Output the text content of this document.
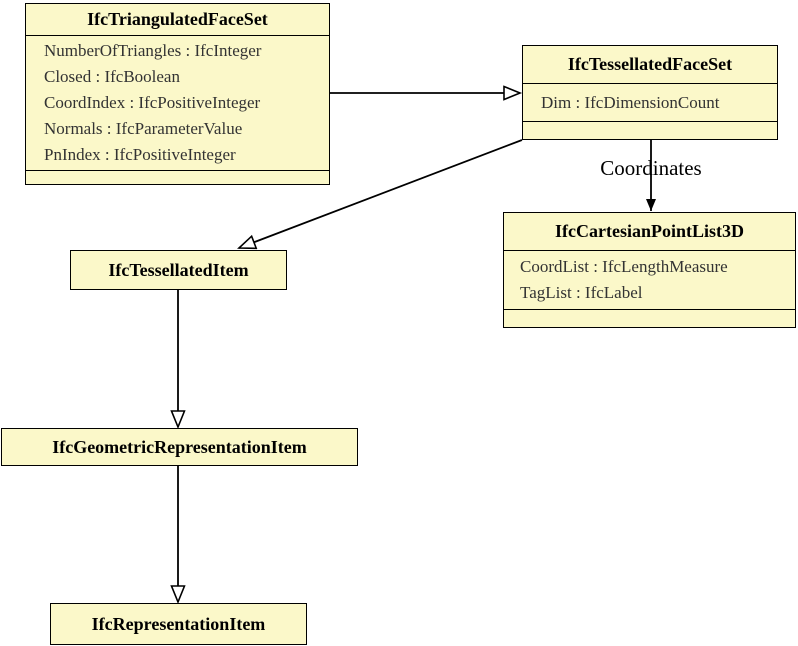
IfcTriangulatedFaceSet
NumberOfTriangles : IfcInteger
Closed : IfcBoolean
CoordIndex : IfcPositiveInteger
Normals : IfcParameterValue
PnIndex : IfcPositiveInteger
IfcTessellatedFaceSet
Dim : IfcDimensionCount
IfcCartesianPointList3D
CoordList : IfcLengthMeasure
TagList : IfcLabel
IfcTessellatedItem
IfcGeometricRepresentationItem
IfcRepresentationItem
Coordinates
